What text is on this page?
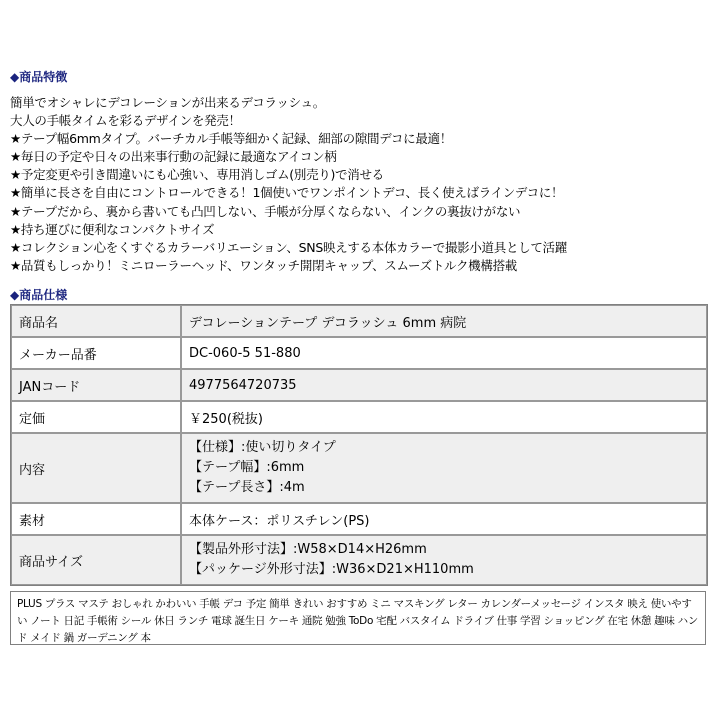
◆商品特徴
簡単でオシャレにデコレーションが出来るデコラッシュ。
大人の手帳タイムを彩るデザインを発売！
★テープ幅6mmタイプ。バーチカル手帳等細かく記録、細部の隙間デコに最適！
★毎日の予定や日々の出来事行動の記録に最適なアイコン柄
★予定変更や引き間違いにも心強い、専用消しゴム(別売り)で消せる
★簡単に長さを自由にコントロールできる！1個使いでワンポイントデコ、長く使えばラインデコに！
★テープだから、裏から書いても凸凹しない、手帳が分厚くならない、インクの裏抜けがない
★持ち運びに便利なコンパクトサイズ
★コレクション心をくすぐるカラーバリエーション、SNS映えする本体カラーで撮影小道具として活躍
★品質もしっかり！ミニローラーヘッド、ワンタッチ開閉キャップ、スムーズトルク機構搭載
◆商品仕様
商品名	デコレーションテープ デコラッシュ 6mm 病院

メーカー品番	DC-060-5 51-880

JANコード	4977564720735

定価	￥250(税抜)

内容	【仕様】:使い切りタイプ
【テープ幅】:6mm
【テープ長さ】:4m

素材	本体ケース：ポリスチレン(PS)

商品サイズ	【製品外形寸法】:W58×D14×H26mm
【パッケージ外形寸法】:W36×D21×H110mm
PLUS プラス マステ おしゃれ かわいい 手帳 デコ 予定 簡単 きれい おすすめ ミニ マスキング レター カレンダーメッセージ インスタ 映え 使いやすい ノート 日記 手帳術 シール 休日 ランチ 電球 誕生日 ケーキ 通院 勉強 ToDo 宅配 バスタイム ドライブ 仕事 学習 ショッピング 在宅 休憩 趣味 ハンド メイド 鍋 ガーデニング 本
